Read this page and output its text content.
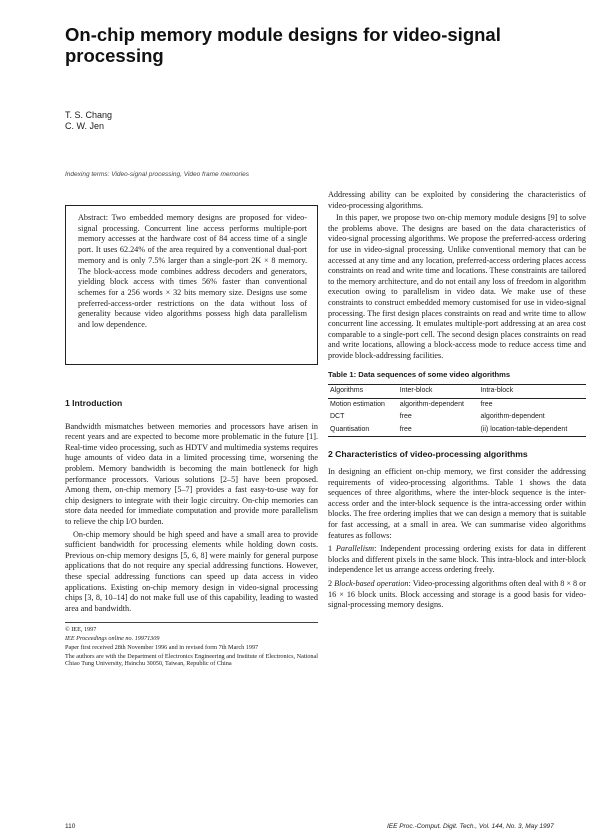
On-chip memory module designs for video-signal processing
T. S. Chang
C. W. Jen
Indexing terms: Video-signal processing, Video frame memories

Abstract: Two embedded memory designs are proposed for video-signal processing. Concurrent line access performs multiple-port memory accesses at the hardware cost of 84 access time of a single port. It uses 62.24% of the area required by a conventional dual-port memory and is only 7.5% larger than a single-port 2K × 8 memory. The block-access mode combines address decoders and generators, yielding block access with times 56% faster than conventional schemes for a 256 words × 32 bits memory size. Designs use some preferred-access-order restrictions on the data without loss of generality because video algorithms possess high data parallelism and low dependence.

1 Introduction

Bandwidth mismatches between memories and processors have arisen in recent years and are expected to become more problematic in the future [1]. Real-time video processing, such as HDTV and multimedia systems requires huge amounts of video data in a limited processing time, worsening the problem. Memory bandwidth is becoming the main bottleneck for high performance processors. Various solutions [2–5] have been proposed. Among them, on-chip memory [5–7] provides a fast easy-to-use way for chip designers to integrate with their logic circuitry. On-chip memories can store data needed for immediate computation and provide more parallelism to relieve the chip I/O burden.

On-chip memory should be high speed and have a small area to provide sufficient bandwidth for processing elements while holding down costs. Previous on-chip memory designs [5, 6, 8] were mainly for general purpose applications that do not require any special addressing functions. However, these special addressing functions can speed up data access in video applications. Existing on-chip memory design in video-signal processing chips [3, 8, 10–14] do not make full use of this capability, leading to wasted area and bandwidth.

© IEE, 1997
IEE Proceedings online no. 19971309
Paper first received 28th November 1996 and in revised form 7th March 1997
The authors are with the Department of Electronics Engineering and Institute of Electronics, National Chiao Tung University, Hsinchu 30050, Taiwan, Republic of China

Addressing ability can be exploited by considering the characteristics of video-processing algorithms.

In this paper, we propose two on-chip memory module designs [9] to solve the problems above. The designs are based on the data characteristics of video-signal processing algorithms. We propose the preferred-access ordering for use in video-signal processing. Unlike conventional memory that can be accessed at any time and any location, preferred-access ordering places access constraints on read and write time and locations. These constraints are tailored to the memory architecture, and do not entail any loss of freedom in algorithm execution owing to parallelism in video data. We make use of these constraints to construct embedded memory customised for use in video-signal processing. The first design places constraints on read and write time to allow concurrent line accessing. It emulates multiple-port addressing at an area cost comparable to a single-port cell. The second design places constraints on read and write locations, allowing a block-access mode to reduce access time and provide block-addressing facilities.

Table 1: Data sequences of some video algorithms
Algorithms	Inter-block	Intra-block
Motion estimation	algorithm-dependent	free
DCT	free	algorithm-dependent
Quantisation	free	(ii) location-table-dependent
2 Characteristics of video-processing algorithms

In designing an efficient on-chip memory, we first consider the addressing requirements of video-processing algorithms. Table 1 shows the data sequences of three algorithms, where the inter-block sequence is the inter-access order and the inter-block sequence is the intra-accessing order within blocks. The free ordering implies that we can design a memory that is suitable for fast accessing, at a small in area. We can summarise video algorithms features as follows:

1 Parallelism: Independent processing ordering exists for data in different blocks and different pixels in the same block. This intra-block and inter-block independence let us arrange access ordering freely.

2 Block-based operation: Video-processing algorithms often deal with 8 × 8 or 16 × 16 block units. Block accessing and storage is a good basis for video-signal-processing memory designs.

110	IEE Proc.-Comput. Digit. Tech., Vol. 144, No. 3, May 1997
